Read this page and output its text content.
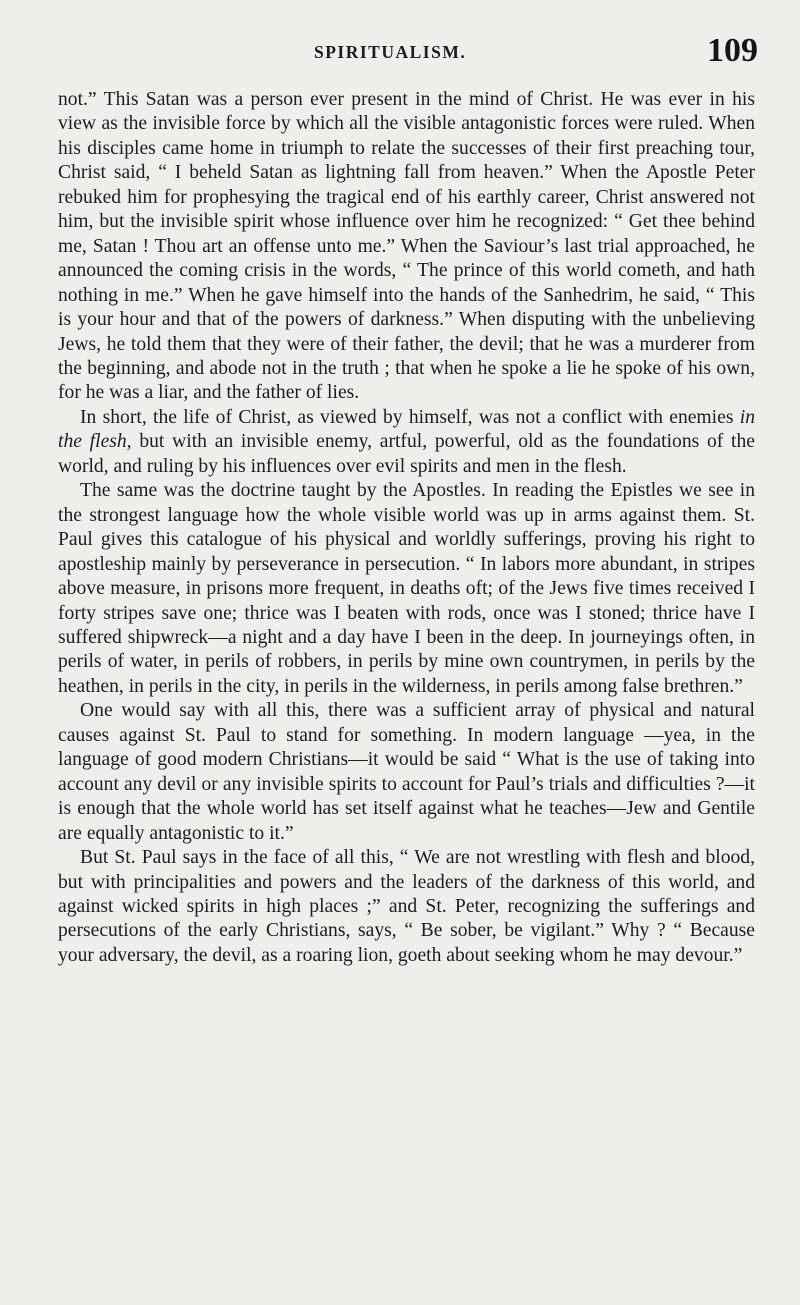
SPIRITUALISM.	109

not.” This Satan was a person ever present in the mind of Christ. He was ever in his view as the invisible force by which all the visible antagonistic forces were ruled. When his disciples came home in triumph to relate the successes of their first preaching tour, Christ said, “ I beheld Satan as lightning fall from heaven.” When the Apostle Peter rebuked him for prophesying the tragical end of his earthly career, Christ answered not him, but the invisible spirit whose influence over him he recognized: “ Get thee behind me, Satan ! Thou art an offense unto me.” When the Saviour’s last trial approached, he announced the coming crisis in the words, “ The prince of this world cometh, and hath nothing in me.” When he gave himself into the hands of the Sanhedrim, he said, “ This is your hour and that of the powers of darkness.” When disputing with the unbelieving Jews, he told them that they were of their father, the devil; that he was a murderer from the beginning, and abode not in the truth ; that when he spoke a lie he spoke of his own, for he was a liar, and the father of lies.

In short, the life of Christ, as viewed by himself, was not a conflict with enemies in the flesh, but with an invisible enemy, artful, powerful, old as the foundations of the world, and ruling by his influences over evil spirits and men in the flesh.

The same was the doctrine taught by the Apostles. In reading the Epistles we see in the strongest language how the whole visible world was up in arms against them. St. Paul gives this catalogue of his physical and worldly sufferings, proving his right to apostleship mainly by perseverance in persecution. “ In labors more abundant, in stripes above measure, in prisons more frequent, in deaths oft; of the Jews five times received I forty stripes save one; thrice was I beaten with rods, once was I stoned; thrice have I suffered shipwreck—a night and a day have I been in the deep. In journeyings often, in perils of water, in perils of robbers, in perils by mine own countrymen, in perils by the heathen, in perils in the city, in perils in the wilderness, in perils among false brethren.”

One would say with all this, there was a sufficient array of physical and natural causes against St. Paul to stand for something. In modern language —yea, in the language of good modern Christians—it would be said “ What is the use of taking into account any devil or any invisible spirits to account for Paul’s trials and difficulties ?—it is enough that the whole world has set itself against what he teaches—Jew and Gentile are equally antagonistic to it.”

But St. Paul says in the face of all this, “ We are not wrestling with flesh and blood, but with principalities and powers and the leaders of the darkness of this world, and against wicked spirits in high places ;” and St. Peter, recognizing the sufferings and persecutions of the early Christians, says, “ Be sober, be vigilant.” Why ? “ Because your adversary, the devil, as a roaring lion, goeth about seeking whom he may devour.”
